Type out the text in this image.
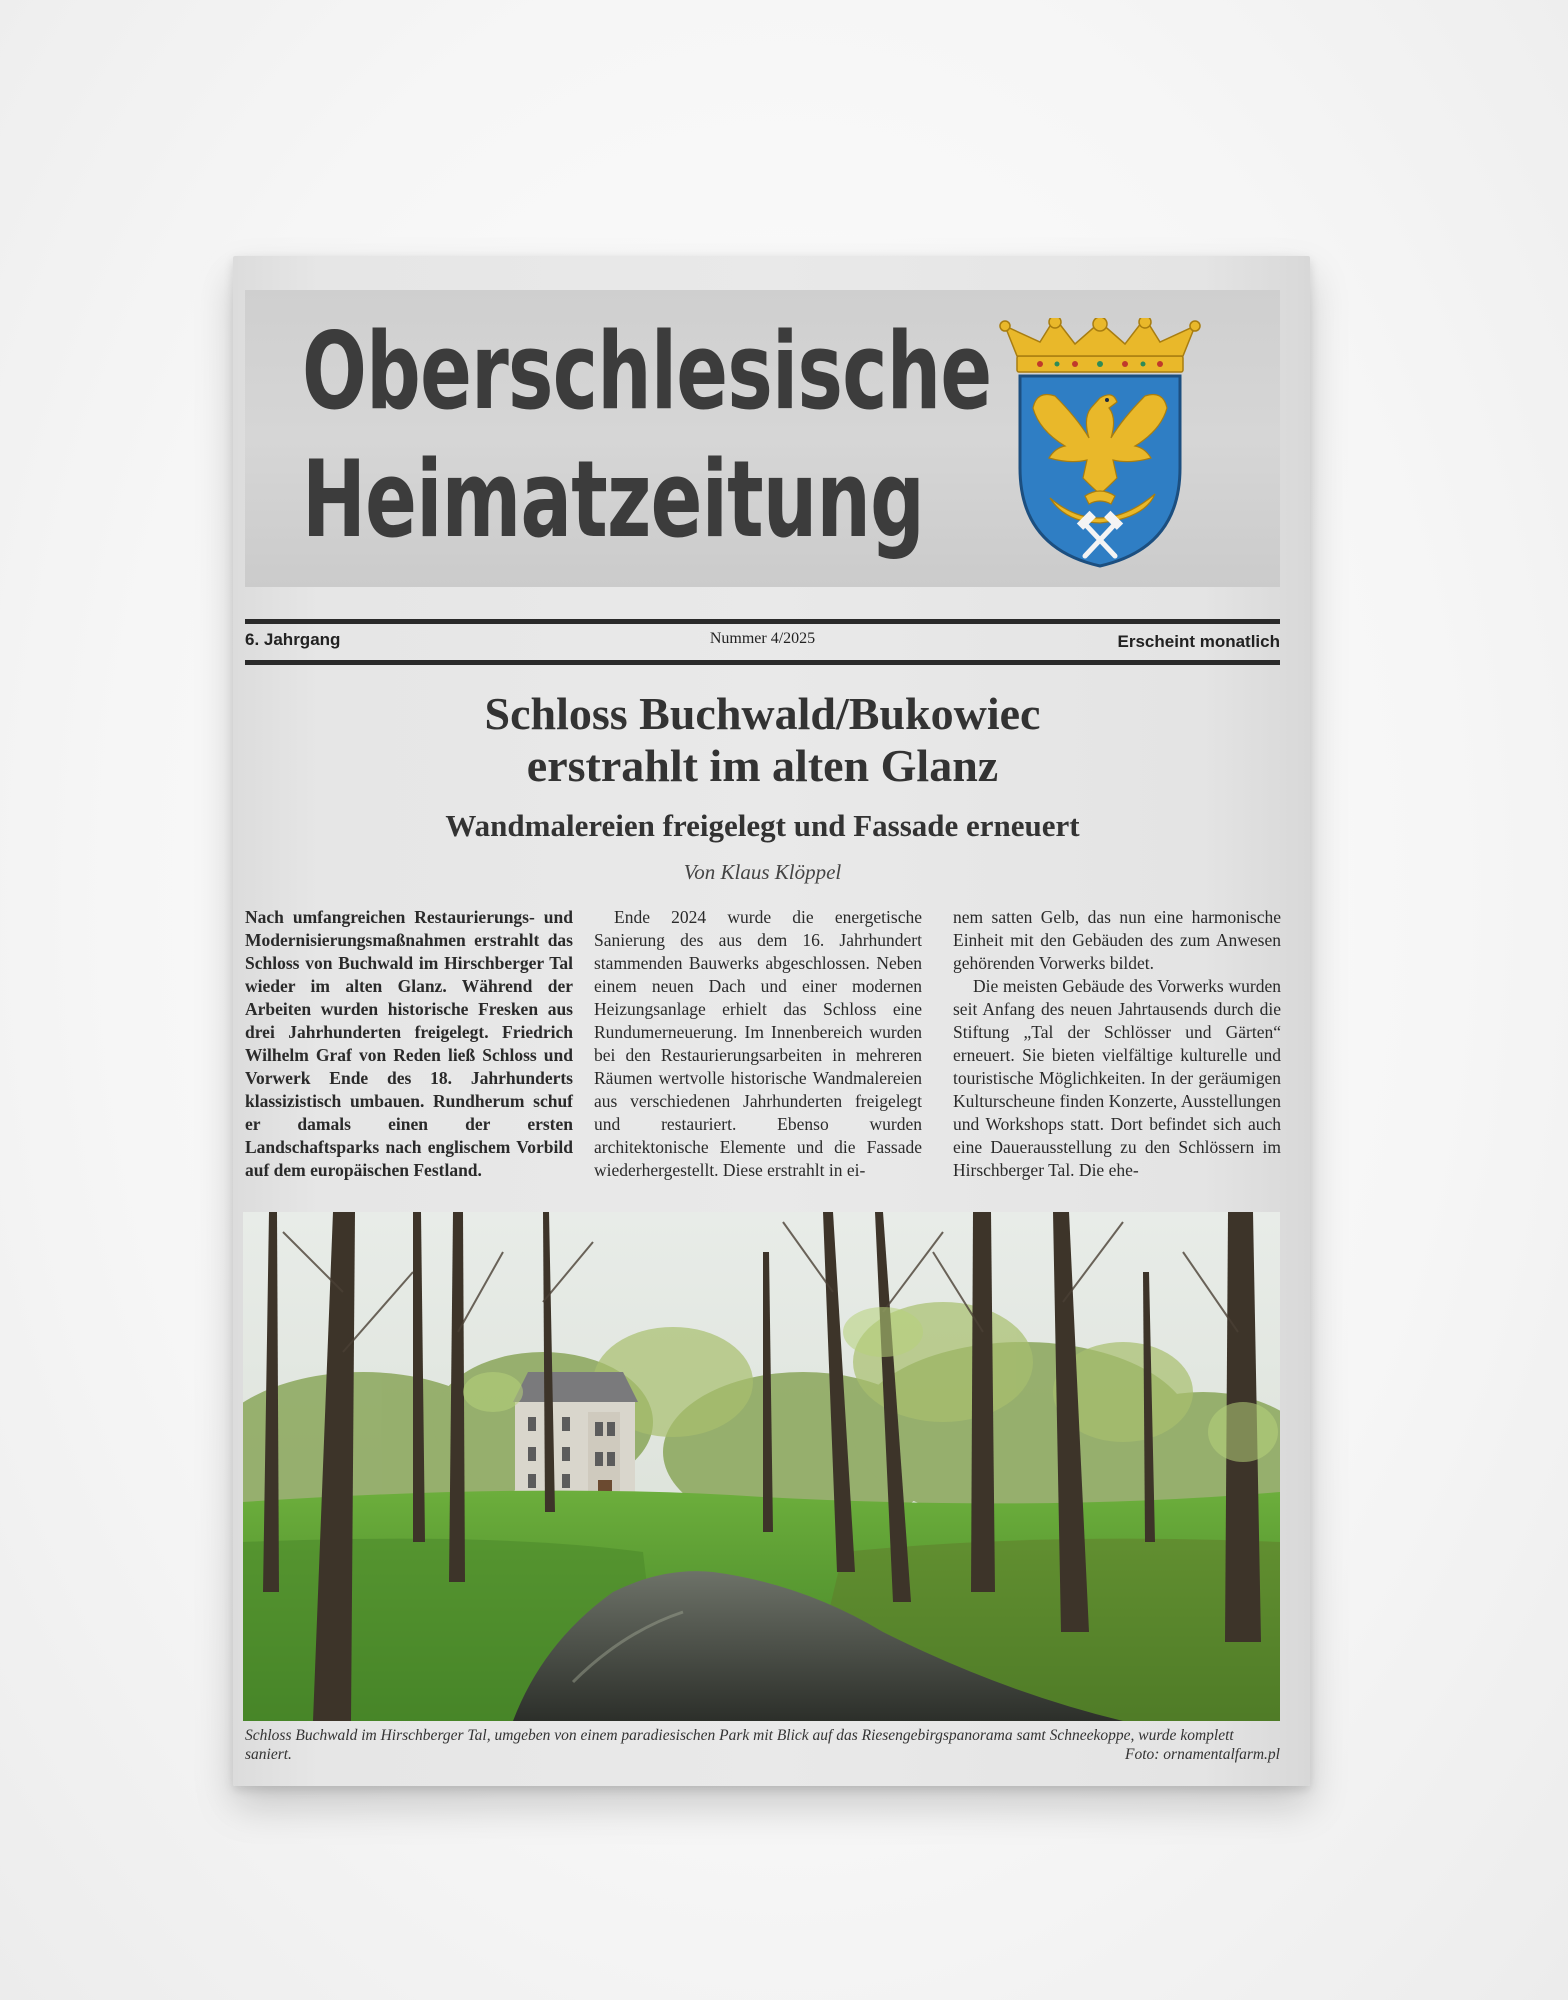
Oberschlesische
Heimatzeitung
6. Jahrgang	Nummer 4/2025	Erscheint monatlich
Schloss Buchwald/Bukowiec
erstrahlt im alten Glanz
Wandmalereien freigelegt und Fassade erneuert
Von Klaus Klöppel
Nach umfangreichen Restaurierungs- und Modernisierungsmaßnahmen erstrahlt das Schloss von Buchwald im Hirschberger Tal wieder im alten Glanz. Während der Arbeiten wurden historische Fresken aus drei Jahrhunderten freigelegt. Friedrich Wilhelm Graf von Reden ließ Schloss und Vorwerk Ende des 18. Jahrhunderts klassizistisch umbauen. Rundherum schuf er damals einen der ersten Landschaftsparks nach englischem Vorbild auf dem europäischen Festland.
Ende 2024 wurde die energetische Sanierung des aus dem 16. Jahrhundert stammenden Bauwerks abgeschlossen. Neben einem neuen Dach und einer modernen Heizungsanlage erhielt das Schloss eine Rundumerneuerung. Im Innenbereich wurden bei den Restaurierungsarbeiten in mehreren Räumen wertvolle historische Wandmalereien aus verschiedenen Jahrhunderten freigelegt und restauriert. Ebenso wurden architektonische Elemente und die Fassade wiederhergestellt. Diese erstrahlt in ei-
nem satten Gelb, das nun eine harmonische Einheit mit den Gebäuden des zum Anwesen gehörenden Vorwerks bildet.
Die meisten Gebäude des Vorwerks wurden seit Anfang des neuen Jahrtausends durch die Stiftung „Tal der Schlösser und Gärten“ erneuert. Sie bieten vielfältige kulturelle und touristische Möglichkeiten. In der geräumigen Kulturscheune finden Konzerte, Ausstellungen und Workshops statt. Dort befindet sich auch eine Dauerausstellung zu den Schlössern im Hirschberger Tal. Die ehe-
Schloss Buchwald im Hirschberger Tal, umgeben von einem paradiesischen Park mit Blick auf das Riesengebirgspanorama samt Schneekoppe, wurde komplett saniert.	Foto: ornamentalfarm.pl
